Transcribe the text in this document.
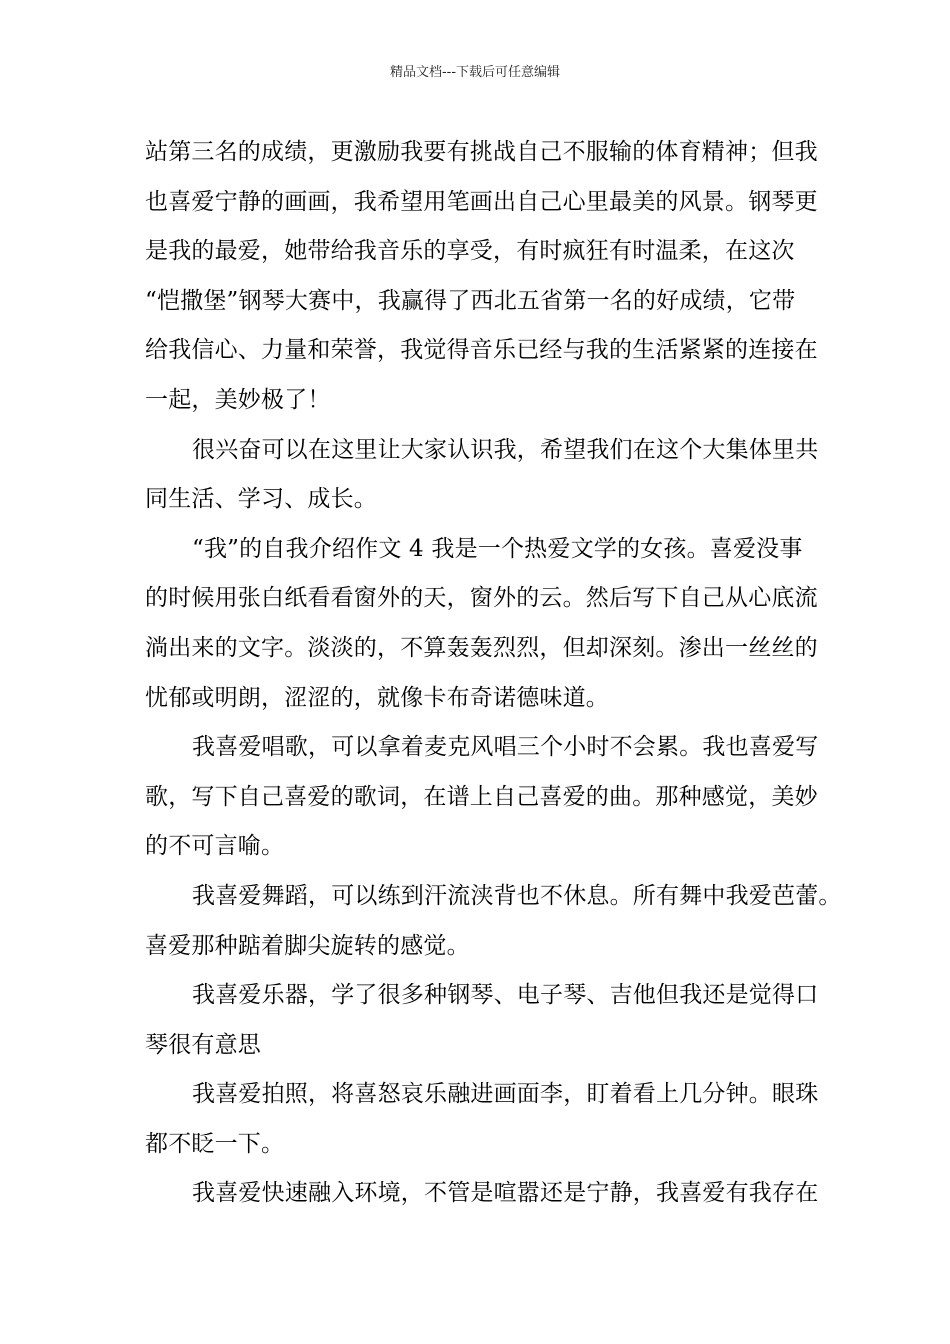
精品文档---下载后可任意编辑
站第三名的成绩，更激励我要有挑战自己不服输的体育精神；但我
也喜爱宁静的画画，我希望用笔画出自己心里最美的风景。钢琴更
是我的最爱，她带给我音乐的享受，有时疯狂有时温柔，在这次
“恺撒堡”钢琴大赛中，我赢得了西北五省第一名的好成绩，它带
给我信心、力量和荣誉，我觉得音乐已经与我的生活紧紧的连接在
一起，美妙极了！
很兴奋可以在这里让大家认识我，希望我们在这个大集体里共
同生活、学习、成长。
“我”的自我介绍作文 4 我是一个热爱文学的女孩。喜爱没事
的时候用张白纸看看窗外的天，窗外的云。然后写下自己从心底流
淌出来的文字。淡淡的，不算轰轰烈烈，但却深刻。渗出一丝丝的
忧郁或明朗，涩涩的，就像卡布奇诺德味道。
我喜爱唱歌，可以拿着麦克风唱三个小时不会累。我也喜爱写
歌，写下自己喜爱的歌词，在谱上自己喜爱的曲。那种感觉，美妙
的不可言喻。
我喜爱舞蹈，可以练到汗流浃背也不休息。所有舞中我爱芭蕾。
喜爱那种踮着脚尖旋转的感觉。
我喜爱乐器，学了很多种钢琴、电子琴、吉他但我还是觉得口
琴很有意思
我喜爱拍照，将喜怒哀乐融进画面李，盯着看上几分钟。眼珠
都不眨一下。
我喜爱快速融入环境，不管是喧嚣还是宁静，我喜爱有我存在
